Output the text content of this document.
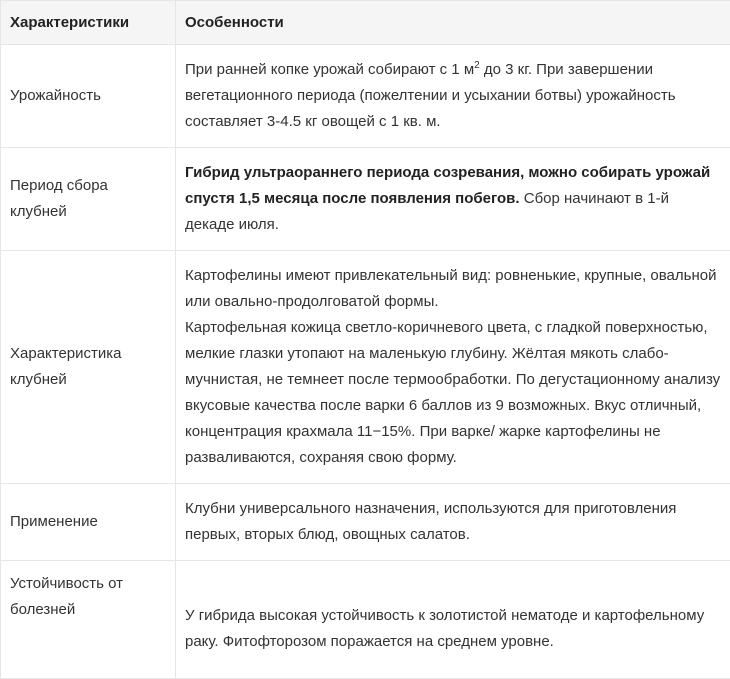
Характеристики	Особенности
Урожайность	При ранней копке урожай собирают с 1 $м^2$ до 3 кг. При завершении вегетационного периода (пожелтении и усыхании ботвы) урожайность составляет 3-4.5 кг овощей с 1 кв. м.
Период сбора клубней	Гибрид ультраораннего периода созревания, можно собирать урожай спустя 1,5 месяца после появления побегов. Сбор начинают в 1-й декаде июля.
Характеристика клубней	Картофелины имеют привлекательный вид: ровненькие, крупные, овальной или овально-продолговатой формы.
Картофельная кожица светло-коричневого цвета, с гладкой поверхностью, мелкие глазки утопают на маленькую глубину. Жёлтая мякоть слабо-мучнистая, не темнеет после термообработки. По дегустационному анализу вкусовые качества после варки 6 баллов из 9 возможных. Вкус отличный, концентрация крахмала 11−15%. При варке/ жарке картофелины не разваливаются, сохраняя свою форму.

Применение	Клубни универсального назначения, используются для приготовления первых, вторых блюд, овощных салатов.
Устойчивость от болезней	У гибрида высокая устойчивость к золотистой нематоде и картофельному раку. Фитофторозом поражается на среднем уровне.
